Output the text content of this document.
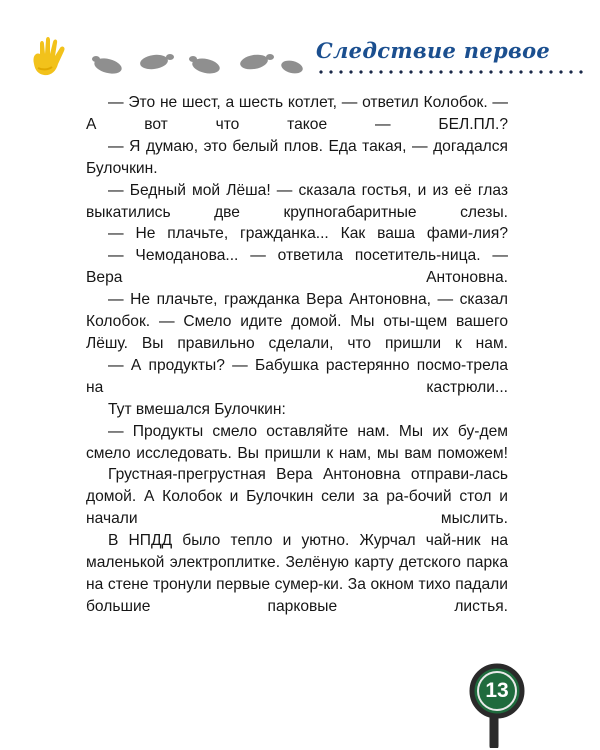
Следствие первое

— Это не шест, а шесть котлет, — ответил Колобок. — А вот что такое — БЕЛ.ПЛ.?

— Я думаю, это белый плов. Еда такая, — догадался Булочкин.

— Бедный мой Лёша! — сказала гостья, и из её глаз выкатились две крупногабаритные слезы.

— Не плачьте, гражданка... Как ваша фами-лия?

— Чемоданова... — ответила посетитель-ница. — Вера Антоновна.

— Не плачьте, гражданка Вера Антоновна, — сказал Колобок. — Смело идите домой. Мы оты-щем вашего Лёшу. Вы правильно сделали, что пришли к нам.

— А продукты? — Бабушка растерянно посмо-трела на кастрюли...

Тут вмешался Булочкин:

— Продукты смело оставляйте нам. Мы их бу-дем смело исследовать. Вы пришли к нам, мы вам поможем!

Грустная-прегрустная Вера Антоновна отправи-лась домой. А Колобок и Булочкин сели за ра-бочий стол и начали мыслить.

В НПДД было тепло и уютно. Журчал чай-ник на маленькой электроплитке. Зелёную карту детского парка на стене тронули первые сумер-ки. За окном тихо падали большие парковые листья.

13
